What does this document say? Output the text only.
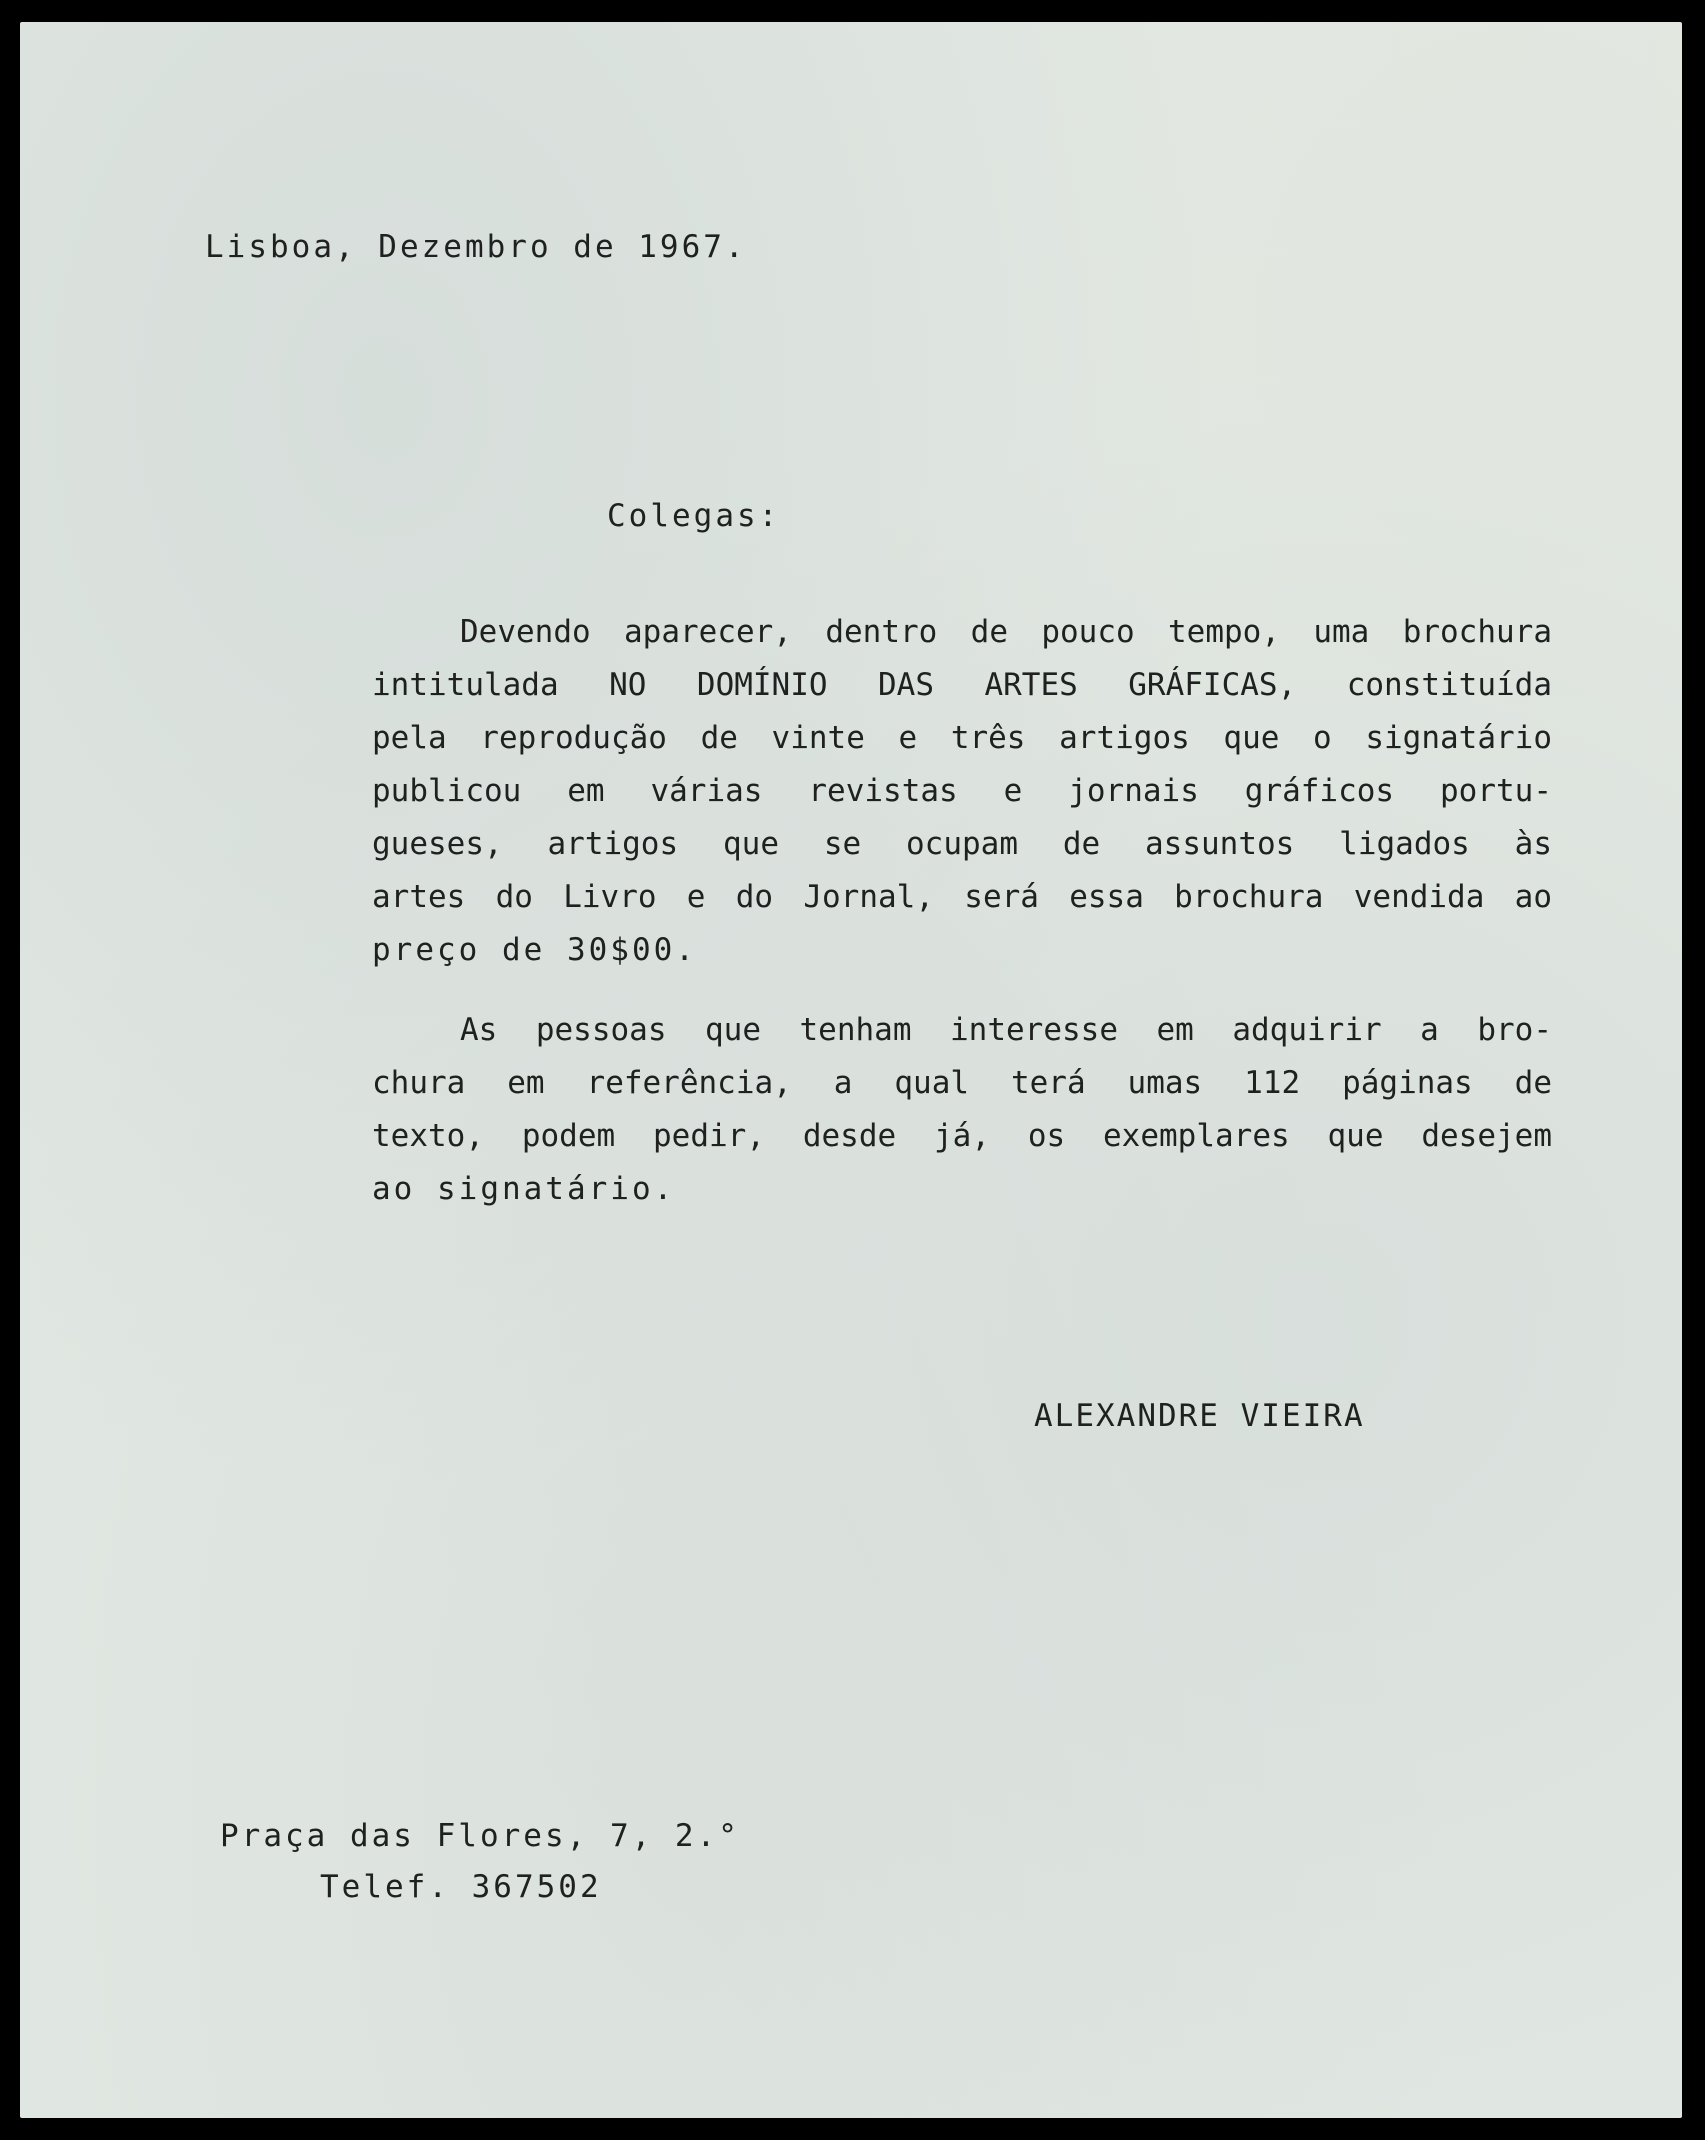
Lisboa, Dezembro de 1967.

Colegas:

Devendo aparecer, dentro de pouco tempo, uma brochura

intitulada NO DOMÍNIO DAS ARTES GRÁFICAS, constituída

pela reprodução de vinte e três artigos que o signatário

publicou em várias revistas e jornais gráficos portu-

gueses, artigos que se ocupam de assuntos ligados às

artes do Livro e do Jornal, será essa brochura vendida ao

preço de 30$00.

As pessoas que tenham interesse em adquirir a bro-

chura em referência, a qual terá umas 112 páginas de

texto, podem pedir, desde já, os exemplares que desejem

ao signatário.

ALEXANDRE VIEIRA

Praça das Flores, 7, 2.°

Telef. 367502
